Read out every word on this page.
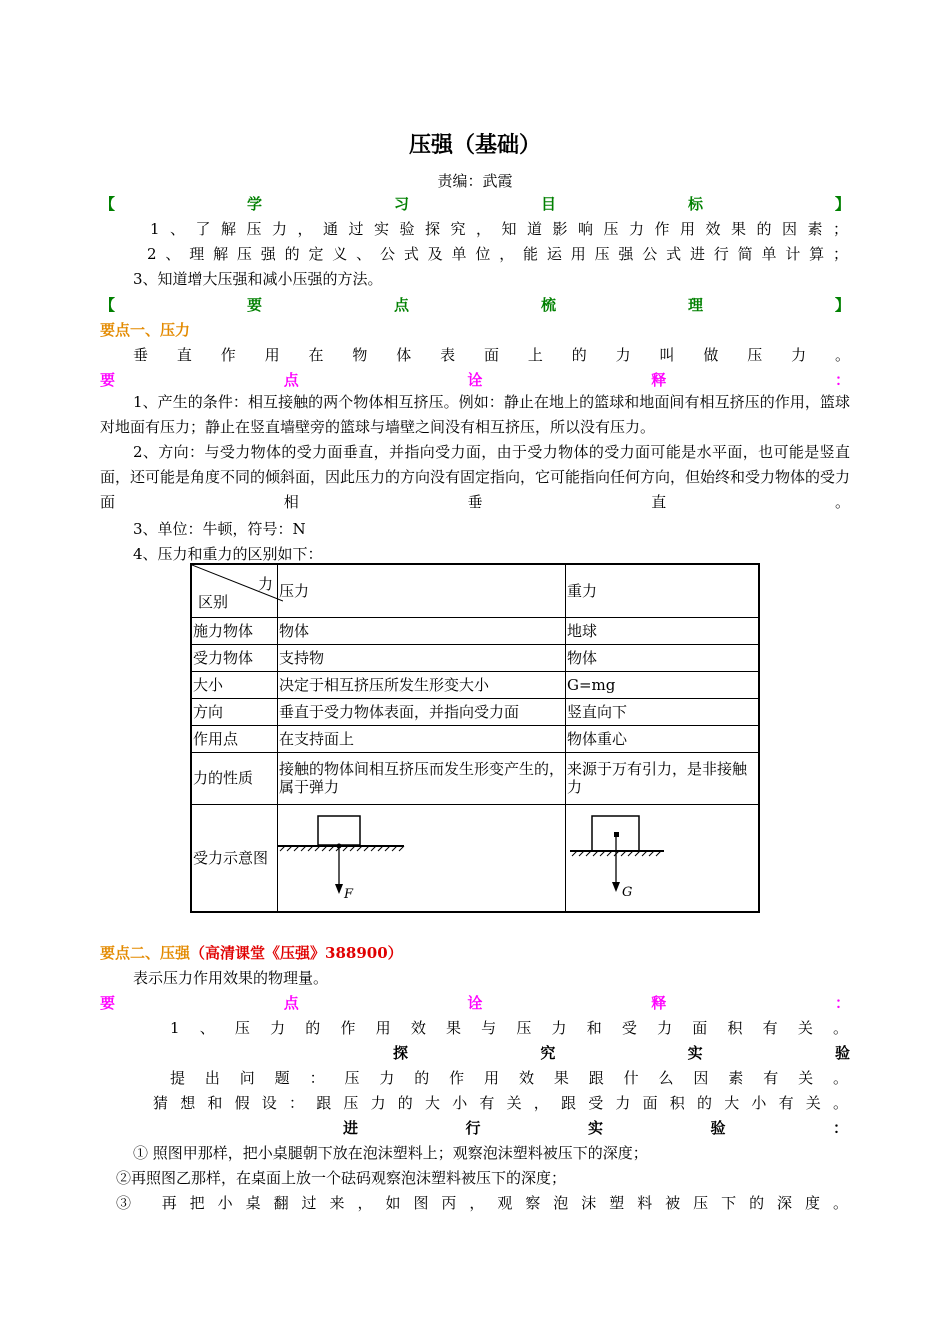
压强（基础）
责编：武霞
【	学	习	目	标	】
1、了解压力，通过实验探究，知道影响压力作用效果的因素；
2、理解压强的定义、公式及单位，能运用压强公式进行简单计算；
3、知道增大压强和减小压强的方法。
【	要	点	梳	理	】
要点一、压力
垂直作用在物体表面上的力叫做压力。
要	点	诠	释	：
1、产生的条件：相互接触的两个物体相互挤压。例如：静止在地上的篮球和地面间有相互挤压的作用，篮球对地面有压力；静止在竖直墙壁旁的篮球与墙壁之间没有相互挤压，所以没有压力。
2、方向：与受力物体的受力面垂直，并指向受力面，由于受力物体的受力面可能是水平面，也可能是竖直面，还可能是角度不同的倾斜面，因此压力的方向没有固定指向，它可能指向任何方向，但始终和受力物体的受力面相垂直。
3、单位：牛顿，符号：N
4、压力和重力的区别如下：
力
区别	压力	重力
施力物体	物体	地球
受力物体	支持物	物体
大小	决定于相互挤压所发生形变大小	G=mg
方向	垂直于受力物体表面，并指向受力面	竖直向下
作用点	在支持面上	物体重心
力的性质	接触的物体间相互挤压而发生形变产生的，属于弹力	来源于万有引力，是非接触力
受力示意图	F	G
要点二、压强（高清课堂《压强》388900）
表示压力作用效果的物理量。
要	点	诠	释	：
1、压力的作用效果与压力和受力面积有关。
探	究	实	验
提出问题：压力的作用效果跟什么因素有关。
猜想和假设：跟压力的大小有关，跟受力面积的大小有关。
进	行	实	验	：
① 照图甲那样，把小桌腿朝下放在泡沫塑料上；观察泡沫塑料被压下的深度；
②再照图乙那样，在桌面上放一个砝码观察泡沫塑料被压下的深度；
③ 再把小桌翻过来，如图丙，观察泡沫塑料被压下的深度。
